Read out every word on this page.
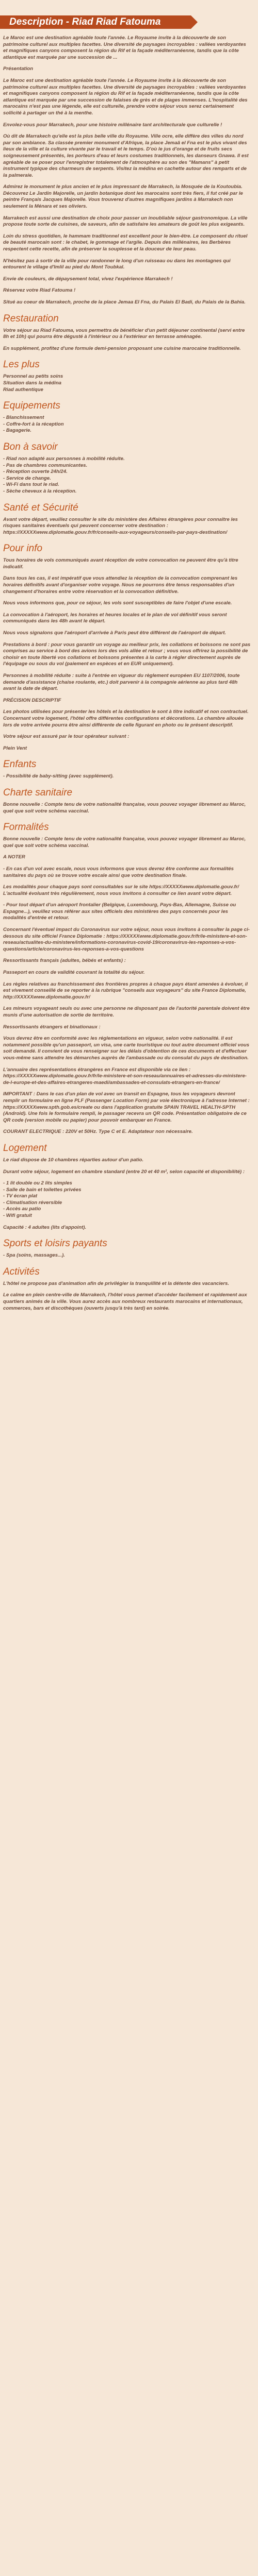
Description - Riad Riad Fatouma

Le Maroc est une destination agréable toute l'année. Le Royaume invite à la découverte de son patrimoine culturel aux multiples facettes. Une diversité de paysages incroyables : vallées verdoyantes et magnifiques canyons composent la région du Rif et la façade méditerranéenne, tandis que la côte atlantique est marquée par une succession de ...

Présentation

Le Maroc est une destination agréable toute l'année. Le Royaume invite à la découverte de son patrimoine culturel aux multiples facettes. Une diversité de paysages incroyables : vallées verdoyantes et magnifiques canyons composent la région du Rif et la façade méditerranéenne, tandis que la côte atlantique est marquée par une succession de falaises de grès et de plages immenses. L'hospitalité des marocains n'est pas une légende, elle est culturelle, prendre votre séjour vous serez certainement sollicité à partager un thé à la menthe.

Envolez-vous pour Marrakech, pour une histoire millénaire tant architecturale que culturelle !

Où dit de Marrakech qu'elle est la plus belle ville du Royaume. Ville ocre, elle diffère des villes du nord par son ambiance. Sa classée premier monument d'Afrique, la place Jemaâ el Fna est le plus vivant des lieux de la ville et la culture vivante par le travail et le temps. D'où le jus d'orange et de fruits secs soigneusement présentés, les porteurs d'eau et leurs costumes traditionnels, les danseurs Gnawa. Il est agréable de se poser pour l'enregistrer totalement de l'atmosphère au son des "Mamans" à petit instrument typique des charmeurs de serpents. Visitez la médina en cachette autour des remparts et de la palmeraie.

Admirez le monument le plus ancien et le plus impressant de Marrakech, la Mosquée de la Koutoubia. Découvrez Le Jardin Majorelle, un jardin botanique dont les marocains sont très fiers, il fut créé par le peintre Français Jacques Majorelle. Vous trouverez d'autres magnifiques jardins à Marrakech non seulement la Ménara et ses oliviers.

Marrakech est aussi une destination de choix pour passer un inoubliable séjour gastronomique. La ville propose toute sorte de cuisines, de saveurs, afin de satisfaire les amateurs de goût les plus exigeants.

Loin du stress quotidien, le hammam traditionnel est excellent pour le bien-être. Le composent du rituel de beauté marocain sont : le chabet, le gommage et l'argile. Depuis des millénaires, les Berbères respectent cette recette, afin de préserver la souplesse et la douceur de leur peau.

N'hésitez pas à sortir de la ville pour randonner le long d'un ruisseau ou dans les montagnes qui entourent le village d'Imlil au pied du Mont Toubkal.

Envie de couleurs, de dépaysement total, vivez l'expérience Marrakech !

Réservez votre Riad Fatouma !

Situé au coeur de Marrakech, proche de la place Jemaa El Fna, du Palais El Badi, du Palais de la Bahia.

Restauration

Votre séjour au Riad Fatouma, vous permettra de bénéficier d'un petit déjeuner continental (servi entre 8h et 10h) qui pourra être dégusté à l'intérieur ou à l'extérieur en terrasse aménagée.

En supplément, profitez d'une formule demi-pension proposant une cuisine marocaine traditionnelle.

Les plus
Personnel au petits soins
Situation dans la médina
Riad authentique
Equipements
- Blanchissement
- Coffre-fort à la réception
- Bagagerie.
Bon à savoir
- Riad non adapté aux personnes à mobilité réduite.
- Pas de chambres communicantes.
- Réception ouverte 24h/24.
- Service de change.
- Wi-Fi dans tout le riad.
- Sèche cheveux à la réception.
Santé et Sécurité

Avant votre départ, veuillez consulter le site du ministère des Affaires étrangères pour connaître les risques sanitaires éventuels qui peuvent concerner votre destination : https://XXXXXwww.diplomatie.gouv.fr/fr/conseils-aux-voyageurs/conseils-par-pays-destination/

Pour info

Tous horaires de vols communiqués avant réception de votre convocation ne peuvent être qu'à titre indicatif.

Dans tous les cas, il est impératif que vous attendiez la réception de la convocation comprenant les horaires définitifs avant d'organiser votre voyage. Nous ne pourrons être tenus responsables d'un changement d'horaires entre votre réservation et la convocation définitive.

Nous vous informons que, pour ce séjour, les vols sont susceptibles de faire l'objet d'une escale.

La convocation à l'aéroport, les horaires et heures locales et le plan de vol définitif vous seront communiqués dans les 48h avant le départ.

Nous vous signalons que l'aéroport d'arrivée à Paris peut être différent de l'aéroport de départ.

Prestations à bord : pour vous garantir un voyage au meilleur prix, les collations et boissons ne sont pas comprises au service à bord des avions lors des vols allée et retour ; vous vous offrirez la possibilité de choisir en toute liberté vos collations et boissons présentes à la carte à régler directement auprès de l'équipage ou sous du vol (paiement en espèces et en EUR uniquement).

Personnes à mobilité réduite : suite à l'entrée en vigueur du règlement européen EU 1107/2006, toute demande d'assistance (chaise roulante, etc.) doit parvenir à la compagnie aérienne au plus tard 48h avant la date de départ.

PRÉCISION DESCRIPTIF

Les photos utilisées pour présenter les hôtels et la destination le sont à titre indicatif et non contractuel. Concernant votre logement, l'hôtel offre différentes configurations et décorations. La chambre allouée lors de votre arrivée pourra être ainsi différente de celle figurant en photo ou le présent descriptif.

Votre séjour est assuré par le tour opérateur suivant :

Plein Vent

Enfants

- Possibilité de baby-sitting (avec supplément).

Charte sanitaire

Bonne nouvelle : Compte tenu de votre nationalité française, vous pouvez voyager librement au Maroc, quel que soit votre schéma vaccinal.

Formalités

Bonne nouvelle : Compte tenu de votre nationalité française, vous pouvez voyager librement au Maroc, quel que soit votre schéma vaccinal.

A NOTER

- En cas d'un vol avec escale, nous vous informons que vous devrez être conforme aux formalités sanitaires du pays où se trouve votre escale ainsi que votre destination finale.

Les modalités pour chaque pays sont consultables sur le site https://XXXXXwww.diplomatie.gouv.fr/ L'actualité évoluant très régulièrement, nous vous invitons à consulter ce lien avant votre départ.

- Pour tout départ d'un aéroport frontalier (Belgique, Luxembourg, Pays-Bas, Allemagne, Suisse ou Espagne...), veuillez vous référer aux sites officiels des ministères des pays concernés pour les modalités d'entrée et retour.

Concernant l'éventuel impact du Coronavirus sur votre séjour, nous vous invitons à consulter la page ci-dessous du site officiel France Diplomatie : https://XXXXXwww.diplomatie.gouv.fr/fr/le-ministere-et-son-reseau/actualites-du-ministere/informations-coronavirus-covid-19/coronavirus-les-reponses-a-vos-questions/article/coronavirus-les-reponses-a-vos-questions

Ressortissants français (adultes, bébés et enfants) :

Passeport en cours de validité couvrant la totalité du séjour.

Les règles relatives au franchissement des frontières propres à chaque pays étant amenées à évoluer, il est vivement conseillé de se reporter à la rubrique "conseils aux voyageurs" du site France Diplomatie, http://XXXXXwww.diplomatie.gouv.fr/

Les mineurs voyageant seuls ou avec une personne ne disposant pas de l'autorité parentale doivent être munis d'une autorisation de sortie de territoire.

Ressortissants étrangers et binationaux :

Vous devrez être en conformité avec les réglementations en vigueur, selon votre nationalité. Il est notamment possible qu'un passeport, un visa, une carte touristique ou tout autre document officiel vous soit demandé. Il convient de vous renseigner sur les délais d'obtention de ces documents et d'effectuer vous-même sans attendre les démarches auprès de l'ambassade ou du consulat du pays de destination.

L'annuaire des représentations étrangères en France est disponible via ce lien : https://XXXXXwww.diplomatie.gouv.fr/fr/le-ministere-et-son-reseau/annuaires-et-adresses-du-ministere-de-l-europe-et-des-affaires-etrangeres-maedi/ambassades-et-consulats-etrangers-en-france/

IMPORTANT : Dans le cas d'un plan de vol avec un transit en Espagne, tous les voyageurs devront remplir un formulaire en ligne PLF (Passenger Location Form) par voie électronique à l'adresse Internet : https://XXXXXwww.spth.gob.es/create ou dans l'application gratuite SPAIN TRAVEL HEALTH-SPTH (Android). Une fois le formulaire rempli, le passager recevra un QR code. Présentation obligatoire de ce QR code (version mobile ou papier) pour pouvoir embarquer en France.

COURANT ELECTRIQUE : 220V et 50Hz. Type C et E. Adaptateur non nécessaire.

Logement

Le riad dispose de 10 chambres réparties autour d'un patio.

Durant votre séjour, logement en chambre standard (entre 20 et 40 m², selon capacité et disponibilité) :

- 1 lit double ou 2 lits simples
- Salle de bain et toilettes privées
- TV écran plat
- Climatisation réversible
- Accès au patio
- Wifi gratuit

Capacité : 4 adultes (lits d'appoint).

Sports et loisirs payants

- Spa (soins, massages...).

Activités

L'hôtel ne propose pas d'animation afin de privilégier la tranquillité et la détente des vacanciers.

Le calme en plein centre-ville de Marrakech, l'hôtel vous permet d'accéder facilement et rapidement aux quartiers animés de la ville. Vous aurez accès aux nombreux restaurants marocains et internationaux, commerces, bars et discothèques (ouverts jusqu'à très tard) en soirée.
